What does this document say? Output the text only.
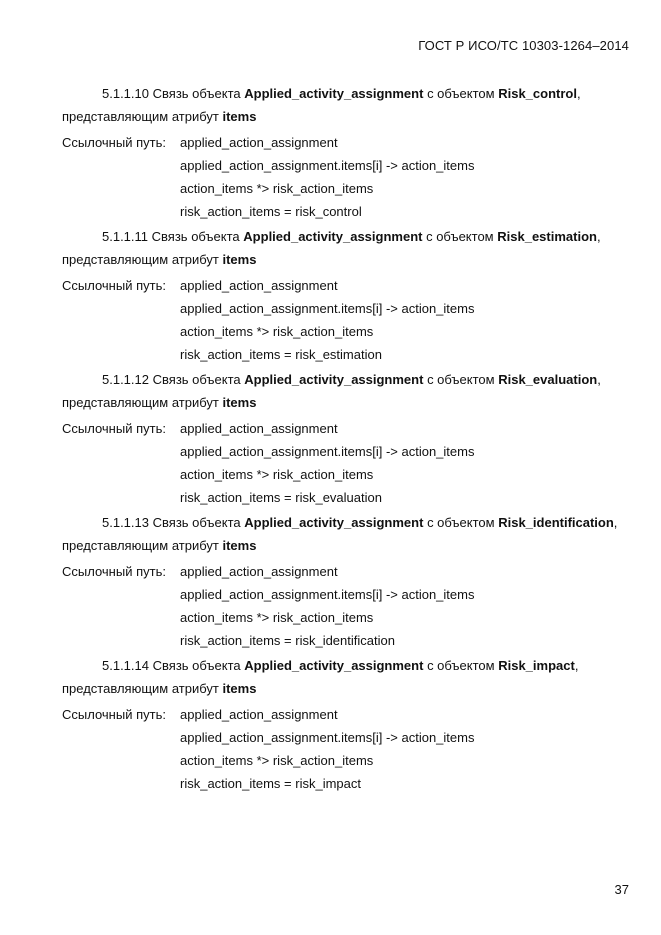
ГОСТ Р ИСО/ТС 10303-1264–2014
5.1.1.10 Связь объекта Applied_activity_assignment с объектом Risk_control,
представляющим атрибут items
Ссылочный путь: applied_action_assignment
applied_action_assignment.items[i] -> action_items
action_items *> risk_action_items
risk_action_items = risk_control
5.1.1.11 Связь объекта Applied_activity_assignment с объектом Risk_estimation,
представляющим атрибут items
Ссылочный путь: applied_action_assignment
applied_action_assignment.items[i] -> action_items
action_items *> risk_action_items
risk_action_items = risk_estimation
5.1.1.12 Связь объекта Applied_activity_assignment с объектом Risk_evaluation,
представляющим атрибут items
Ссылочный путь: applied_action_assignment
applied_action_assignment.items[i] -> action_items
action_items *> risk_action_items
risk_action_items = risk_evaluation
5.1.1.13 Связь объекта Applied_activity_assignment с объектом Risk_identification,
представляющим атрибут items
Ссылочный путь: applied_action_assignment
applied_action_assignment.items[i] -> action_items
action_items *> risk_action_items
risk_action_items = risk_identification
5.1.1.14 Связь объекта Applied_activity_assignment с объектом Risk_impact,
представляющим атрибут items
Ссылочный путь: applied_action_assignment
applied_action_assignment.items[i] -> action_items
action_items *> risk_action_items
risk_action_items = risk_impact
37
